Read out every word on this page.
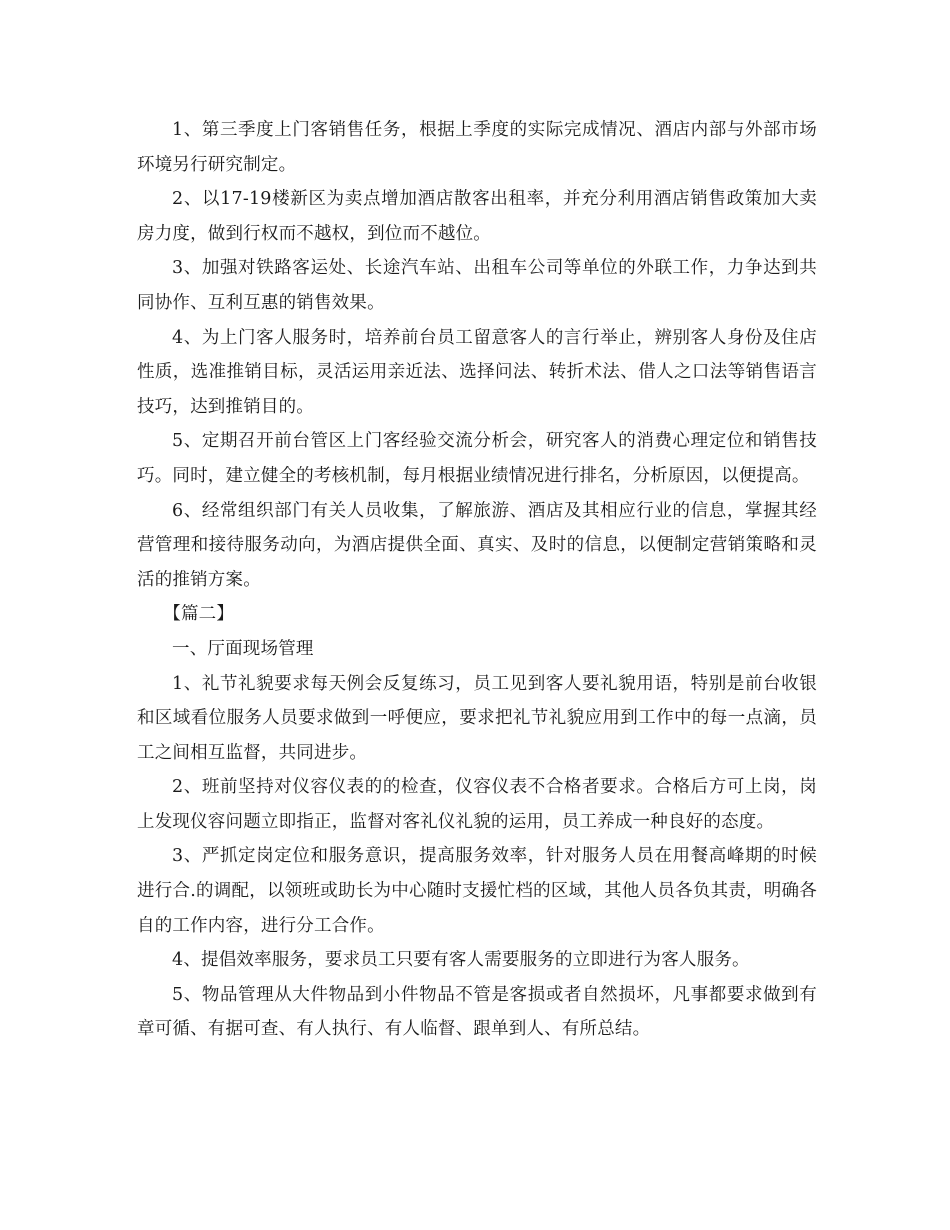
1、第三季度上门客销售任务，根据上季度的实际完成情况、酒店内部与外部市场环境另行研究制定。

2、以17-19楼新区为卖点增加酒店散客出租率，并充分利用酒店销售政策加大卖房力度，做到行权而不越权，到位而不越位。

3、加强对铁路客运处、长途汽车站、出租车公司等单位的外联工作，力争达到共同协作、互利互惠的销售效果。

4、为上门客人服务时，培养前台员工留意客人的言行举止，辨别客人身份及住店性质，选准推销目标，灵活运用亲近法、选择问法、转折术法、借人之口法等销售语言技巧，达到推销目的。

5、定期召开前台管区上门客经验交流分析会，研究客人的消费心理定位和销售技巧。同时，建立健全的考核机制，每月根据业绩情况进行排名，分析原因，以便提高。

6、经常组织部门有关人员收集，了解旅游、酒店及其相应行业的信息，掌握其经营管理和接待服务动向，为酒店提供全面、真实、及时的信息，以便制定营销策略和灵活的推销方案。

【篇二】

一、厅面现场管理

1、礼节礼貌要求每天例会反复练习，员工见到客人要礼貌用语，特别是前台收银和区域看位服务人员要求做到一呼便应，要求把礼节礼貌应用到工作中的每一点滴，员工之间相互监督，共同进步。

2、班前坚持对仪容仪表的的检查，仪容仪表不合格者要求。合格后方可上岗，岗上发现仪容问题立即指正，监督对客礼仪礼貌的运用，员工养成一种良好的态度。

3、严抓定岗定位和服务意识，提高服务效率，针对服务人员在用餐高峰期的时候进行合.的调配，以领班或助长为中心随时支援忙档的区域，其他人员各负其责，明确各自的工作内容，进行分工合作。

4、提倡效率服务，要求员工只要有客人需要服务的立即进行为客人服务。

5、物品管理从大件物品到小件物品不管是客损或者自然损坏，凡事都要求做到有章可循、有据可查、有人执行、有人临督、跟单到人、有所总结。
